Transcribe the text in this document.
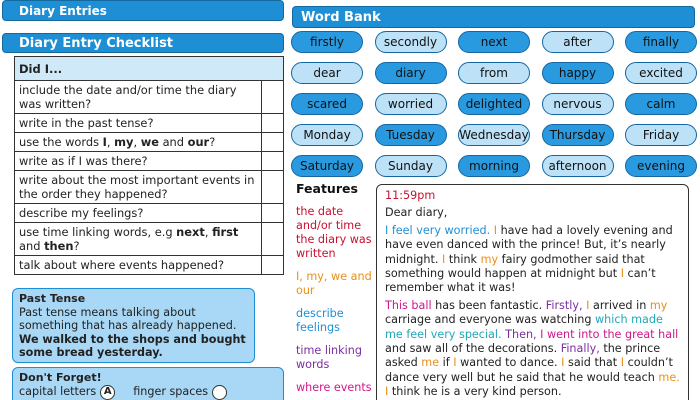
Diary Entries
Diary Entry Checklist
Did I...	
include the date and/or time the diary was written?	
write in the past tense?	
use the words I, my, we and our?	
write as if I was there?	
write about the most important events in the order they happened?	
describe my feelings?	
use time linking words, e.g next, first and then?	
talk about where events happened?	
Past Tense
Past tense means talking about something that has already happened.
We walked to the shops and bought some bread yesterday.
Don't Forget!
capital letters A	finger spaces
Word Bank
firstly	secondly	next	after	finally
dear	diary	from	happy	excited
scared	worried	delighted	nervous	calm
Monday	Tuesday	Wednesday	Thursday	Friday
Saturday	Sunday	morning	afternoon	evening
Features
the date and/or time the diary was written
I, my, we and our
describe feelings
time linking words
where events

11:59pm

Dear diary,

I feel very worried. I have had a lovely evening and have even danced with the prince! But, it’s nearly midnight. I think my fairy godmother said that something would happen at midnight but I can’t remember what it was!

This ball has been fantastic. Firstly, I arrived in my carriage and everyone was watching which made me feel very special. Then, I went into the great hall and saw all of the decorations. Finally, the prince asked me if I wanted to dance. I said that I couldn’t dance very well but he said that he would teach me. I think he is a very kind person.
